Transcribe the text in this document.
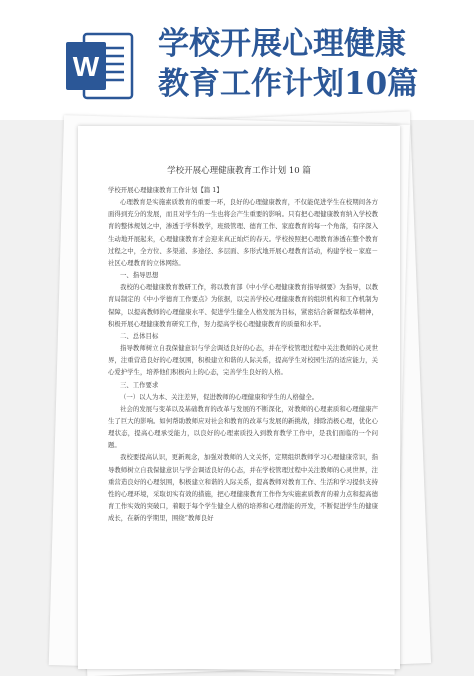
W
学校开展心理健康
教育工作计划10篇
学校开展心理健康教育工作计划 10 篇

学校开展心理健康教育工作计划【篇 1】

心理教育是实施素质教育的重要一环，良好的心理健康教育，不仅能促进学生在校期间各方面得到充分的发展，而且对学生的一生也将会产生重要的影响。只有把心理健康教育纳入学校教育的整体规划之中，渗透于学科教学，班级管理、德育工作、家庭教育的每一个角落，有序深入生动地开展起来，心理健康教育才会迎来真正灿烂的春天。学校按照把心理教育渗透在整个教育过程之中，全方位、多渠道、多途径、多层面、多形式地开展心理教育活动，构建学校－家庭－社区心理教育的立体网络。

一、指导思想

我校的心理健康教育教研工作，将以教育部《中小学心理健康教育指导纲要》为指导，以教育局制定的《中小学德育工作要点》为依据，以完善学校心理健康教育的组织机构和工作机制为保障，以提高教师的心理健康水平、促进学生健全人格发展为目标，紧密结合新课程改革精神，积极开展心理健康教育研究工作，努力提高学校心理健康教育的质量和水平。

二、总体目标

指导教师树立自我保健意识与学会调适良好的心态，并在学校管理过程中关注教师的心灵世界，注重营造良好的心理氛围，积极建立和谐的人际关系，提高学生对校园生活的适应能力，关心爱护学生，培养他们积极向上的心态，完善学生良好的人格。

三、工作要求

（一）以人为本、关注差异，促进教师的心理健康和学生的人格健全。

社会的发展与变革以及基础教育的改革与发展的不断深化，对教师的心理素质和心理健康产生了巨大的影响。如何帮助教师应对社会和教育的改革与发展的新挑战，排除消极心理，优化心理状态，提高心理承受能力，以良好的心理素质投入到教育教学工作中，是我们面临的一个问题。

我校要提高认识，更新观念，加强对教师的人文关怀，定期组织教师学习心理健康常识，指导教师树立自我保健意识与学会调适良好的心态，并在学校管理过程中关注教师的心灵世界，注重营造良好的心理氛围，积极建立和谐的人际关系，提高教师对教育工作、生活和学习提供支持性的心理环境，采取切实有效的措施，把心理健康教育工作作为实施素质教育的着力点和提高德育工作实效的突破口，着眼于每个学生健全人格的培养和心理潜能的开发，不断促进学生的健康成长，在新的学期里，围绕“教师良好
